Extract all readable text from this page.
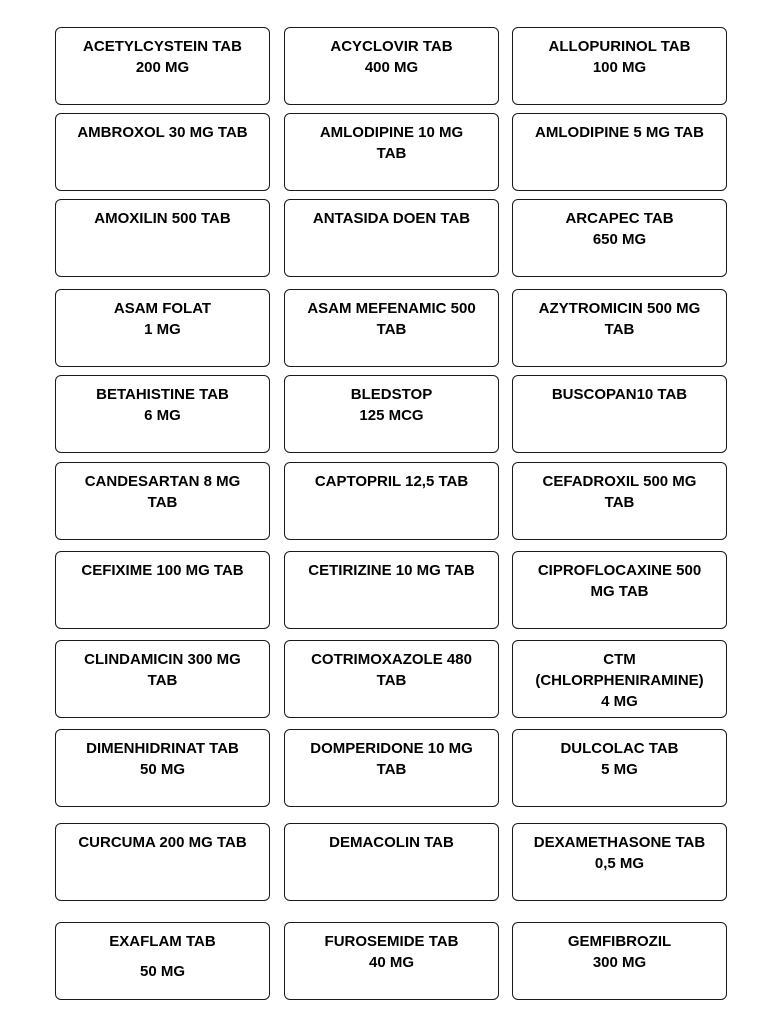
ACETYLCYSTEIN TAB
200 MG
ACYCLOVIR TAB
400 MG
ALLOPURINOL TAB
100 MG
AMBROXOL 30 MG TAB	AMLODIPINE 10 MG
TAB
AMLODIPINE 5 MG TAB
AMOXILIN 500 TAB	ANTASIDA DOEN TAB	ARCAPEC TAB
650 MG
ASAM FOLAT
1 MG
ASAM MEFENAMIC 500
TAB
AZYTROMICIN 500 MG
TAB
BETAHISTINE TAB
6 MG
BLEDSTOP
125 MCG
BUSCOPAN10 TAB
CANDESARTAN 8 MG
TAB
CAPTOPRIL 12,5 TAB	CEFADROXIL 500 MG
TAB
CEFIXIME 100 MG TAB	CETIRIZINE 10 MG TAB	CIPROFLOCAXINE 500
MG TAB
CLINDAMICIN 300 MG
TAB
COTRIMOXAZOLE 480
TAB
CTM
(CHLORPHENIRAMINE)
4 MG
DIMENHIDRINAT TAB
50 MG
DOMPERIDONE 10 MG
TAB
DULCOLAC TAB
5 MG
CURCUMA 200 MG TAB	DEMACOLIN TAB	DEXAMETHASONE TAB
0,5 MG
EXAFLAM TAB
50 MG
FUROSEMIDE TAB
40 MG
GEMFIBROZIL
300 MG
